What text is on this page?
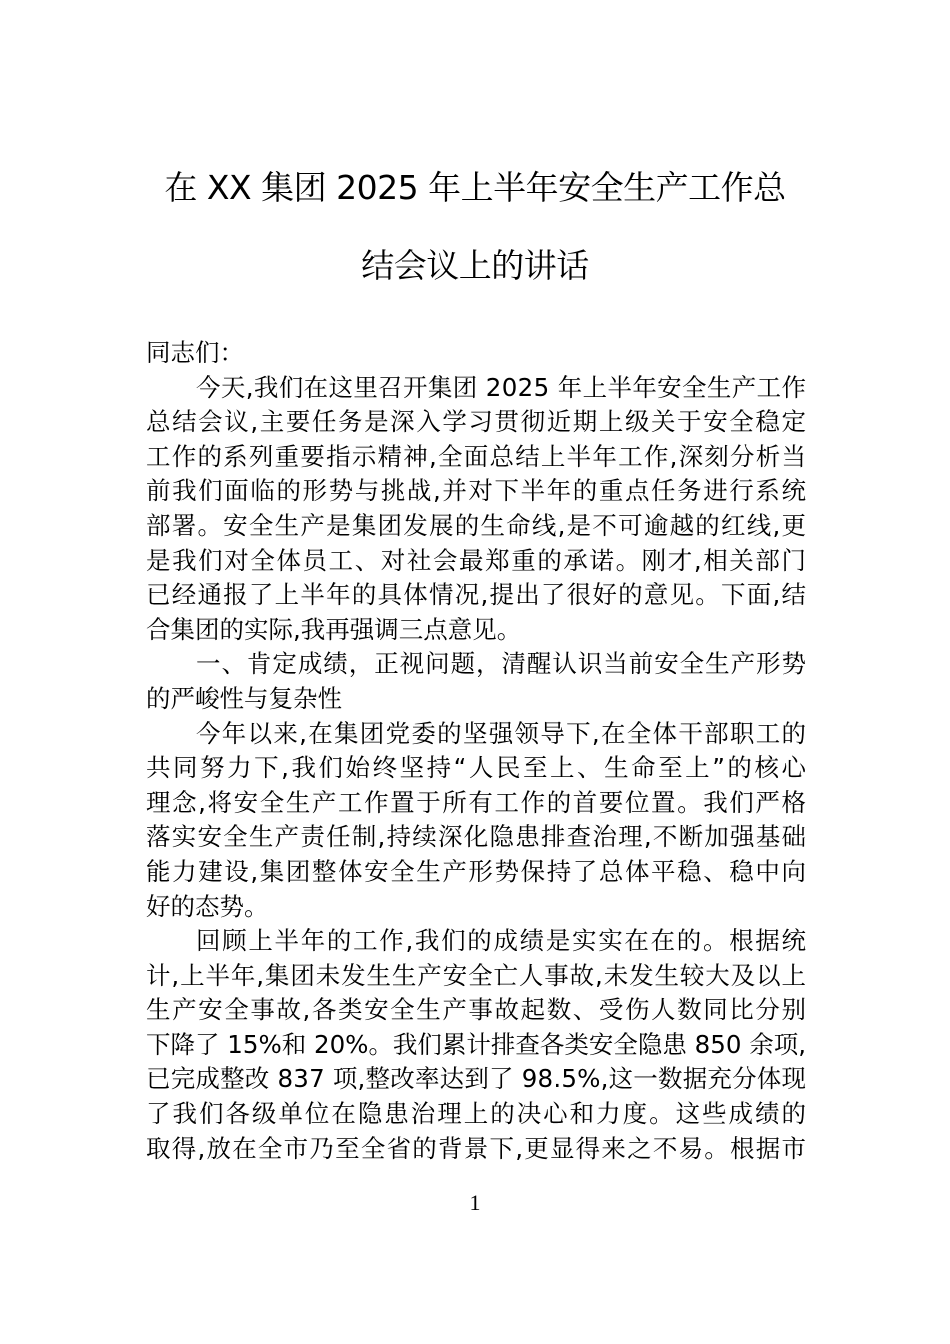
在 XX 集团 2025 年上半年安全生产工作总
结会议上的讲话
同志们：
今天,我们在这里召开集团 2025 年上半年安全生产工作
总结会议,主要任务是深入学习贯彻近期上级关于安全稳定
工作的系列重要指示精神,全面总结上半年工作,深刻分析当
前我们面临的形势与挑战,并对下半年的重点任务进行系统
部署。安全生产是集团发展的生命线,是不可逾越的红线,更
是我们对全体员工、对社会最郑重的承诺。刚才,相关部门
已经通报了上半年的具体情况,提出了很好的意见。下面,结
合集团的实际,我再强调三点意见。
一、肯定成绩，正视问题，清醒认识当前安全生产形势
的严峻性与复杂性
今年以来,在集团党委的坚强领导下,在全体干部职工的
共同努力下,我们始终坚持“人民至上、生命至上”的核心
理念,将安全生产工作置于所有工作的首要位置。我们严格
落实安全生产责任制,持续深化隐患排查治理,不断加强基础
能力建设,集团整体安全生产形势保持了总体平稳、稳中向
好的态势。
回顾上半年的工作,我们的成绩是实实在在的。根据统
计,上半年,集团未发生生产安全亡人事故,未发生较大及以上
生产安全事故,各类安全生产事故起数、受伤人数同比分别
下降了 15%和 20%。我们累计排查各类安全隐患 850 余项,
已完成整改 837 项,整改率达到了 98.5%,这一数据充分体现
了我们各级单位在隐患治理上的决心和力度。这些成绩的
取得,放在全市乃至全省的背景下,更显得来之不易。根据市
1
